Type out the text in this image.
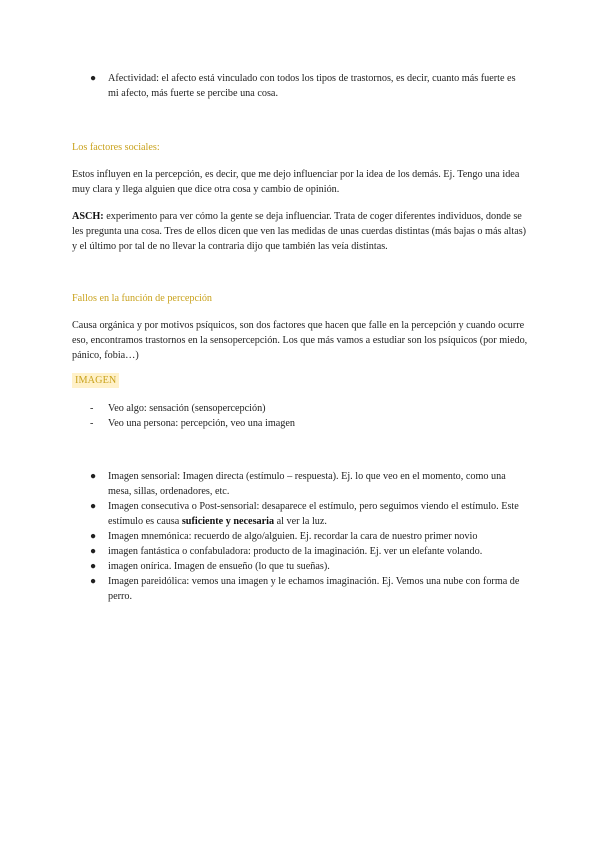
●	Afectividad: el afecto está vinculado con todos los tipos de trastornos, es decir, cuanto más fuerte es mi afecto, más fuerte se percibe una cosa.

Los factores sociales:

Estos influyen en la percepción, es decir, que me dejo influenciar por la idea de los demás. Ej. Tengo una idea muy clara y llega alguien que dice otra cosa y cambio de opinión.

ASCH: experimento para ver cómo la gente se deja influenciar. Trata de coger diferentes individuos, donde se les pregunta una cosa. Tres de ellos dicen que ven las medidas de unas cuerdas distintas (más bajas o más altas) y el último por tal de no llevar la contraria dijo que también las veía distintas.

Fallos en la función de percepción

Causa orgánica y por motivos psíquicos, son dos factores que hacen que falle en la percepción y cuando ocurre eso, encontramos trastornos en la sensopercepción. Los que más vamos a estudiar son los psíquicos (por miedo, pánico, fobia…)

IMAGEN
-	Veo algo: sensación (sensopercepción)
-	Veo una persona: percepción, veo una imagen
●	Imagen sensorial: Imagen directa (estímulo – respuesta). Ej. lo que veo en el momento, como una mesa, sillas, ordenadores, etc.
●	Imagen consecutiva o Post-sensorial: desaparece el estímulo, pero seguimos viendo el estímulo. Este estímulo es causa suficiente y necesaria al ver la luz.
●	Imagen mnemónica: recuerdo de algo/alguien. Ej. recordar la cara de nuestro primer novio
●	imagen fantástica o confabuladora: producto de la imaginación. Ej. ver un elefante volando.
●	imagen onírica. Imagen de ensueño (lo que tu sueñas).
●	Imagen pareidólica: vemos una imagen y le echamos imaginación. Ej. Vemos una nube con forma de perro.
